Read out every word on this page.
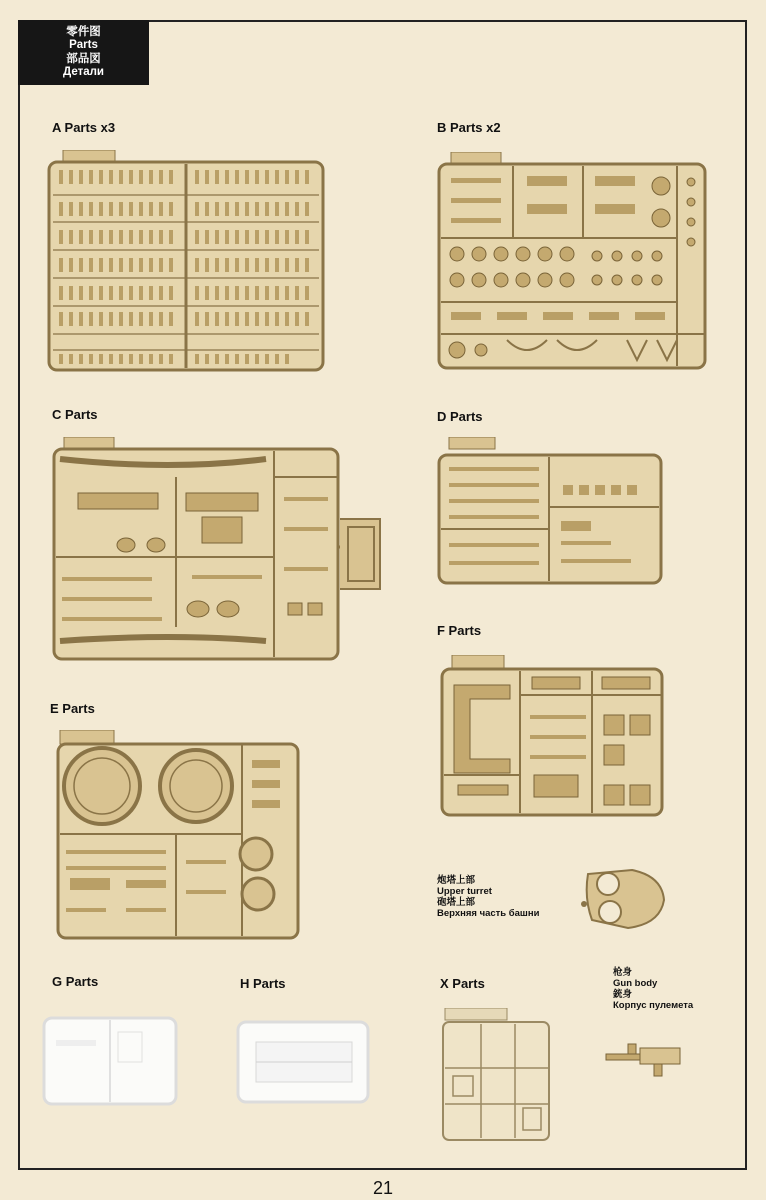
零件图
Parts
部品図
Детали
A Parts x3	B Parts x2
C Parts	D Parts
E Parts
F Parts
G Parts	H Parts	X Parts
炮塔上部
Upper turret
砲塔上部
Верхняя часть башни
枪身
Gun body
銃身
Корпус пулемета
21
